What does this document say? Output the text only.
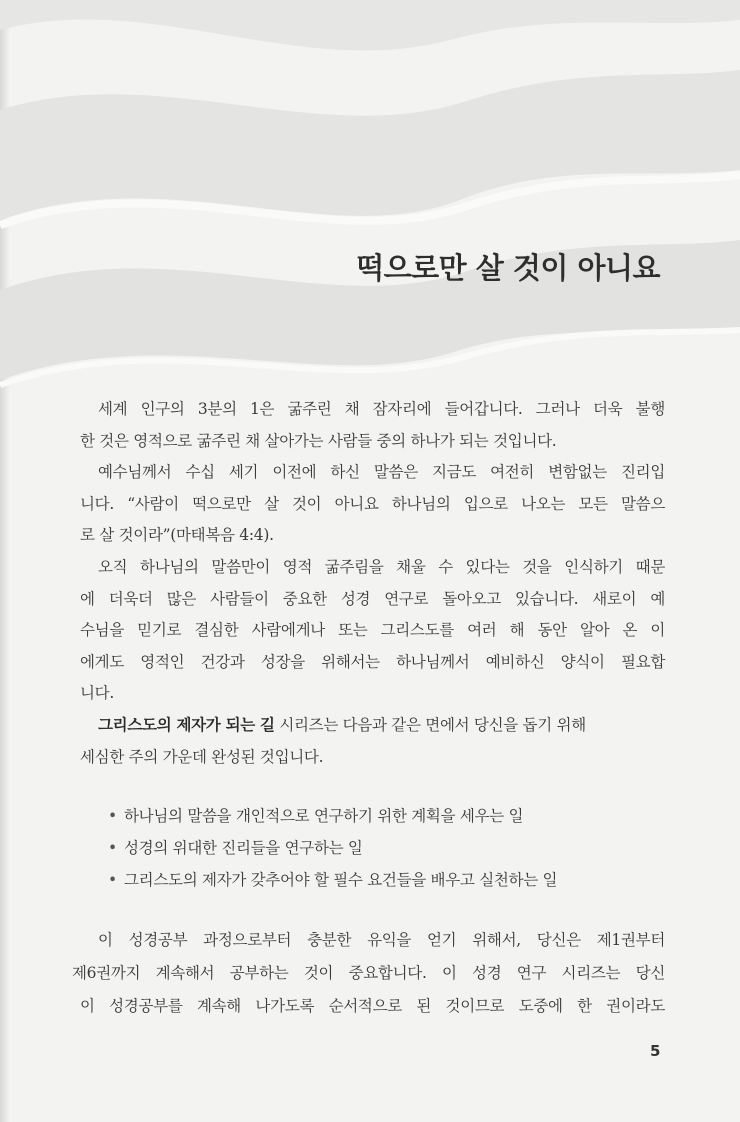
떡으로만 살 것이 아니요
세계 인구의 3분의 1은 굶주린 채 잠자리에 들어갑니다. 그러나 더욱 불행
한 것은 영적으로 굶주린 채 살아가는 사람들 중의 하나가 되는 것입니다.
예수님께서 수십 세기 이전에 하신 말씀은 지금도 여전히 변함없는 진리입
니다. “사람이 떡으로만 살 것이 아니요 하나님의 입으로 나오는 모든 말씀으
로 살 것이라”(마태복음 4:4).
오직 하나님의 말씀만이 영적 굶주림을 채울 수 있다는 것을 인식하기 때문
에 더욱더 많은 사람들이 중요한 성경 연구로 돌아오고 있습니다. 새로이 예
수님을 믿기로 결심한 사람에게나 또는 그리스도를 여러 해 동안 알아 온 이
에게도 영적인 건강과 성장을 위해서는 하나님께서 예비하신 양식이 필요합
니다.
그리스도의 제자가 되는 길 시리즈는 다음과 같은 면에서 당신을 돕기 위해
세심한 주의 가운데 완성된 것입니다.
• 하나님의 말씀을 개인적으로 연구하기 위한 계획을 세우는 일
• 성경의 위대한 진리들을 연구하는 일
• 그리스도의 제자가 갖추어야 할 필수 요건들을 배우고 실천하는 일
이 성경공부 과정으로부터 충분한 유익을 얻기 위해서, 당신은 제1권부터
제6권까지 계속해서 공부하는 것이 중요합니다. 이 성경 연구 시리즈는 당신
이 성경공부를 계속해 나가도록 순서적으로 된 것이므로 도중에 한 권이라도
5
